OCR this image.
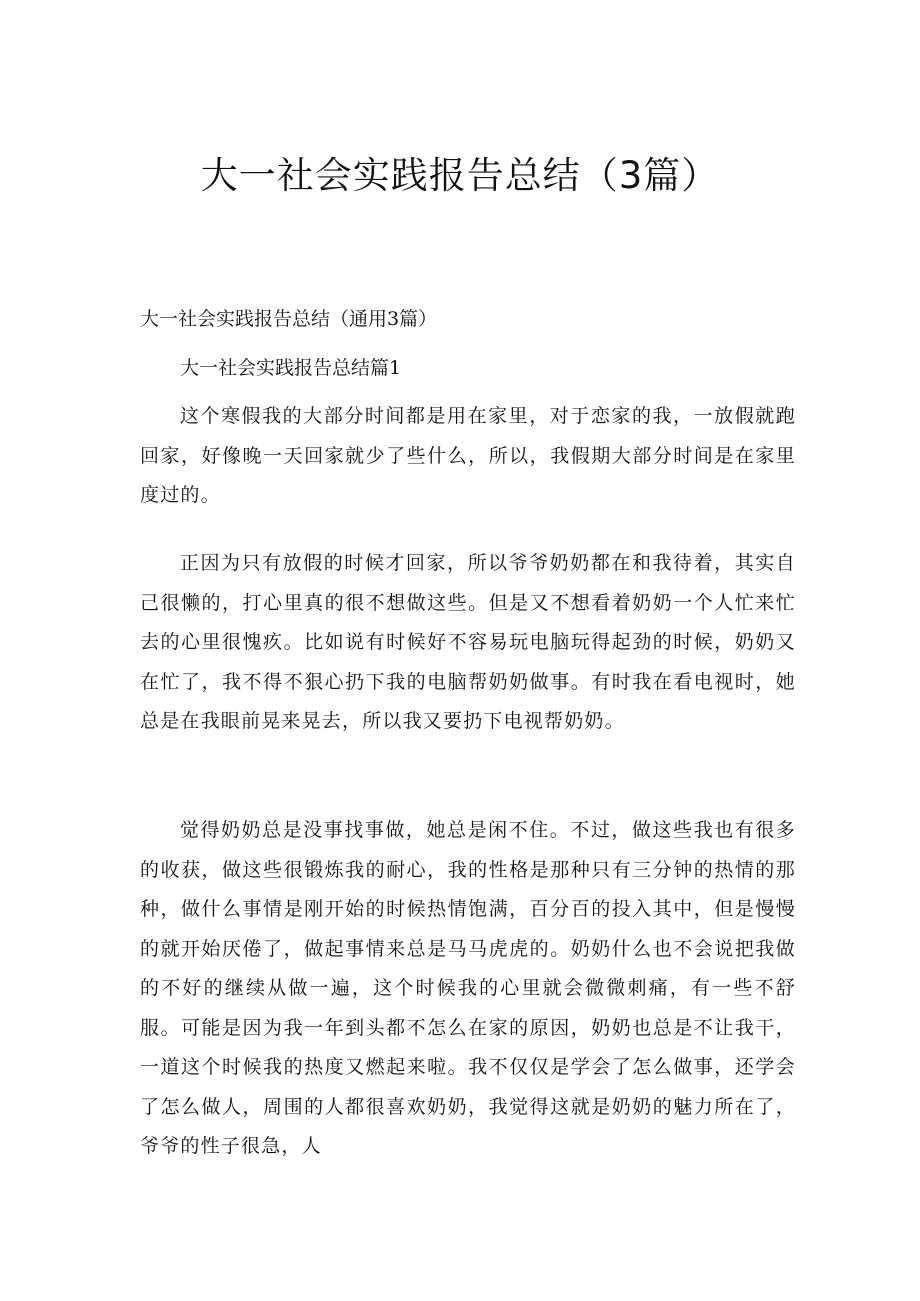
大一社会实践报告总结（3篇）

大一社会实践报告总结（通用3篇）

大一社会实践报告总结篇1

这个寒假我的大部分时间都是用在家里，对于恋家的我，一放假就跑回家，好像晚一天回家就少了些什么，所以，我假期大部分时间是在家里度过的。

正因为只有放假的时候才回家，所以爷爷奶奶都在和我待着，其实自己很懒的，打心里真的很不想做这些。但是又不想看着奶奶一个人忙来忙去的心里很愧疚。比如说有时候好不容易玩电脑玩得起劲的时候，奶奶又在忙了，我不得不狠心扔下我的电脑帮奶奶做事。有时我在看电视时，她总是在我眼前晃来晃去，所以我又要扔下电视帮奶奶。

觉得奶奶总是没事找事做，她总是闲不住。不过，做这些我也有很多的收获，做这些很锻炼我的耐心，我的性格是那种只有三分钟的热情的那种，做什么事情是刚开始的时候热情饱满，百分百的投入其中，但是慢慢的就开始厌倦了，做起事情来总是马马虎虎的。奶奶什么也不会说把我做的不好的继续从做一遍，这个时候我的心里就会微微刺痛，有一些不舒服。可能是因为我一年到头都不怎么在家的原因，奶奶也总是不让我干，一道这个时候我的热度又燃起来啦。我不仅仅是学会了怎么做事，还学会了怎么做人，周围的人都很喜欢奶奶，我觉得这就是奶奶的魅力所在了，爷爷的性子很急，人
